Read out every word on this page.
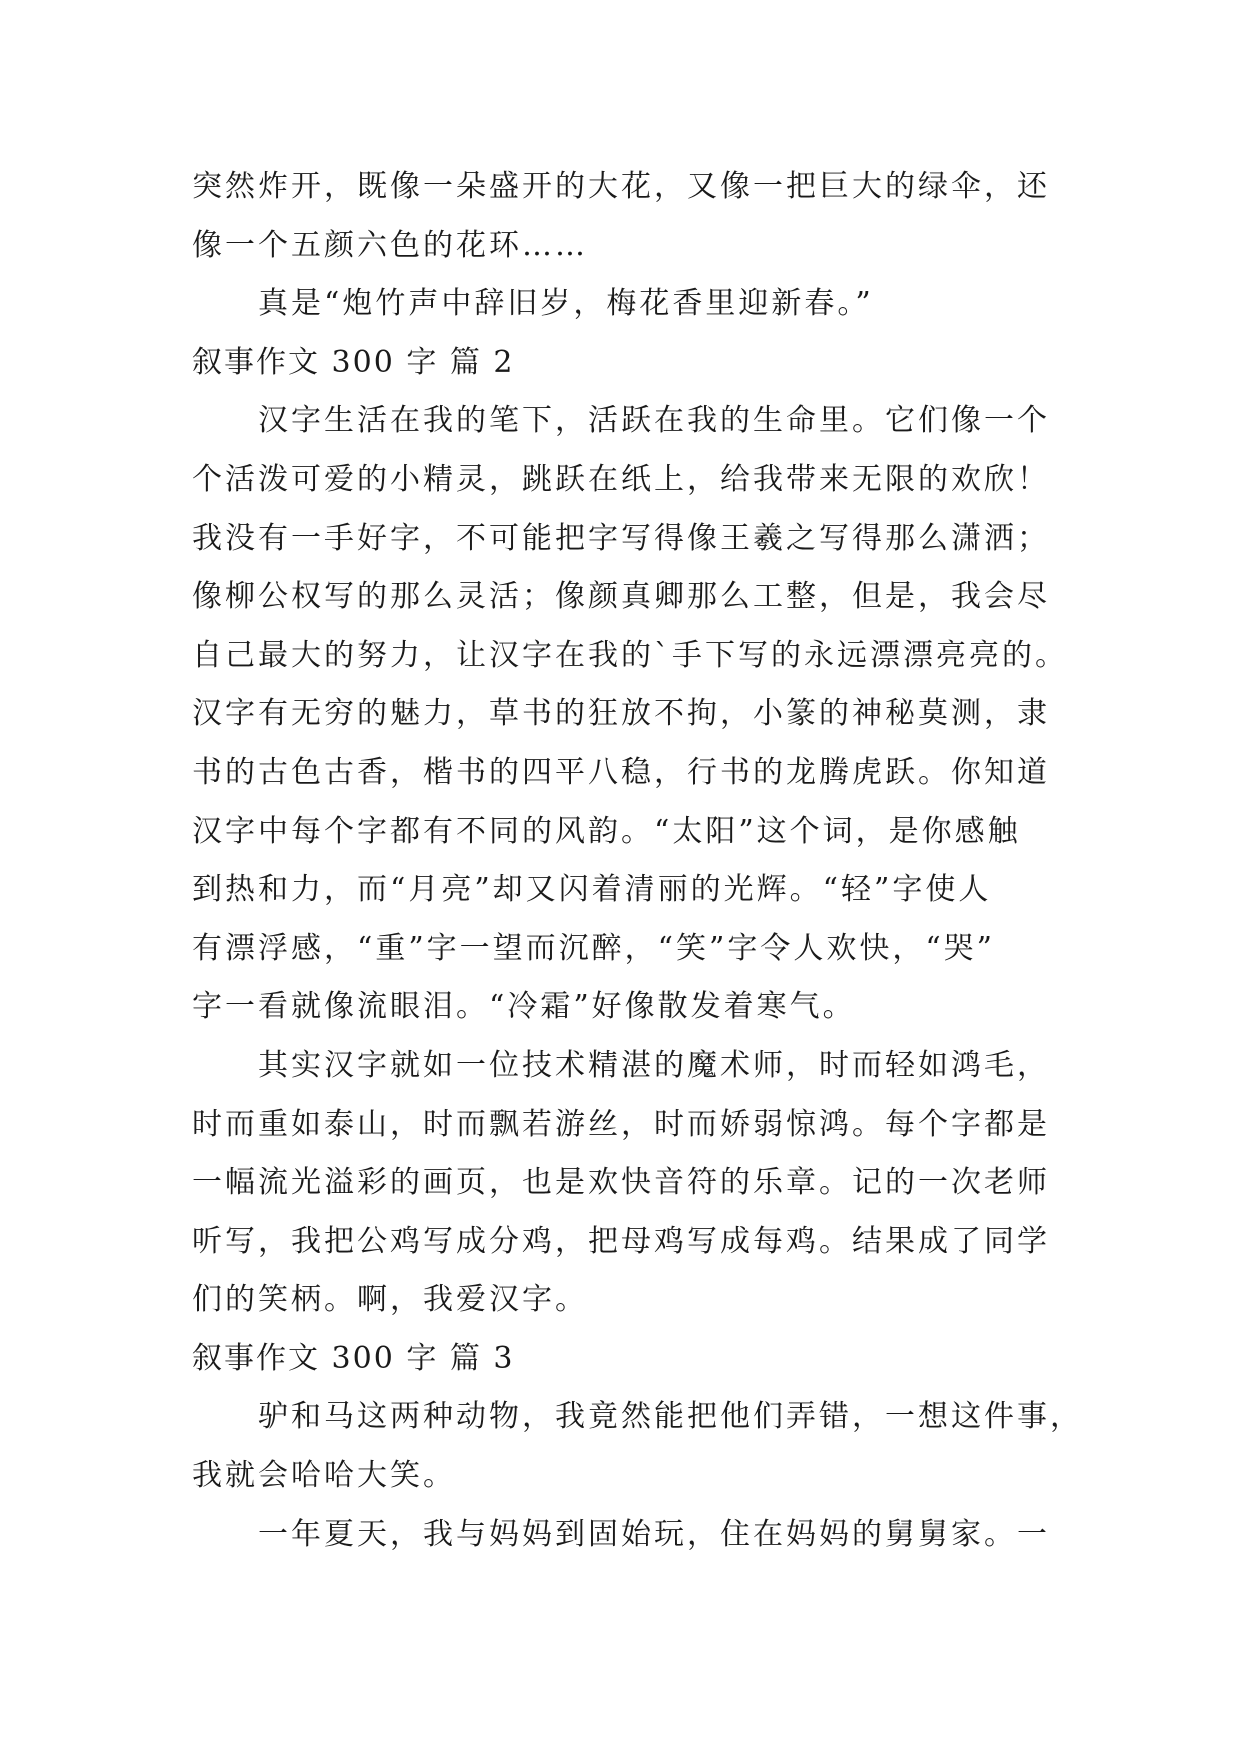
突然炸开，既像一朵盛开的大花，又像一把巨大的绿伞，还

像一个五颜六色的花环……

真是“炮竹声中辞旧岁，梅花香里迎新春。”

叙事作文 300 字 篇 2

汉字生活在我的笔下，活跃在我的生命里。它们像一个

个活泼可爱的小精灵，跳跃在纸上，给我带来无限的欢欣！

我没有一手好字，不可能把字写得像王羲之写得那么潇洒；

像柳公权写的那么灵活；像颜真卿那么工整，但是，我会尽

自己最大的努力，让汉字在我的`手下写的永远漂漂亮亮的。

汉字有无穷的魅力，草书的狂放不拘，小篆的神秘莫测，隶

书的古色古香，楷书的四平八稳，行书的龙腾虎跃。你知道

汉字中每个字都有不同的风韵。“太阳”这个词，是你感触

到热和力，而“月亮”却又闪着清丽的光辉。“轻”字使人

有漂浮感，“重”字一望而沉醉，“笑”字令人欢快，“哭”

字一看就像流眼泪。“冷霜”好像散发着寒气。

其实汉字就如一位技术精湛的魔术师，时而轻如鸿毛，

时而重如泰山，时而飘若游丝，时而娇弱惊鸿。每个字都是

一幅流光溢彩的画页，也是欢快音符的乐章。记的一次老师

听写，我把公鸡写成分鸡，把母鸡写成每鸡。结果成了同学

们的笑柄。啊，我爱汉字。

叙事作文 300 字 篇 3

驴和马这两种动物，我竟然能把他们弄错，一想这件事，

我就会哈哈大笑。

一年夏天，我与妈妈到固始玩，住在妈妈的舅舅家。一
